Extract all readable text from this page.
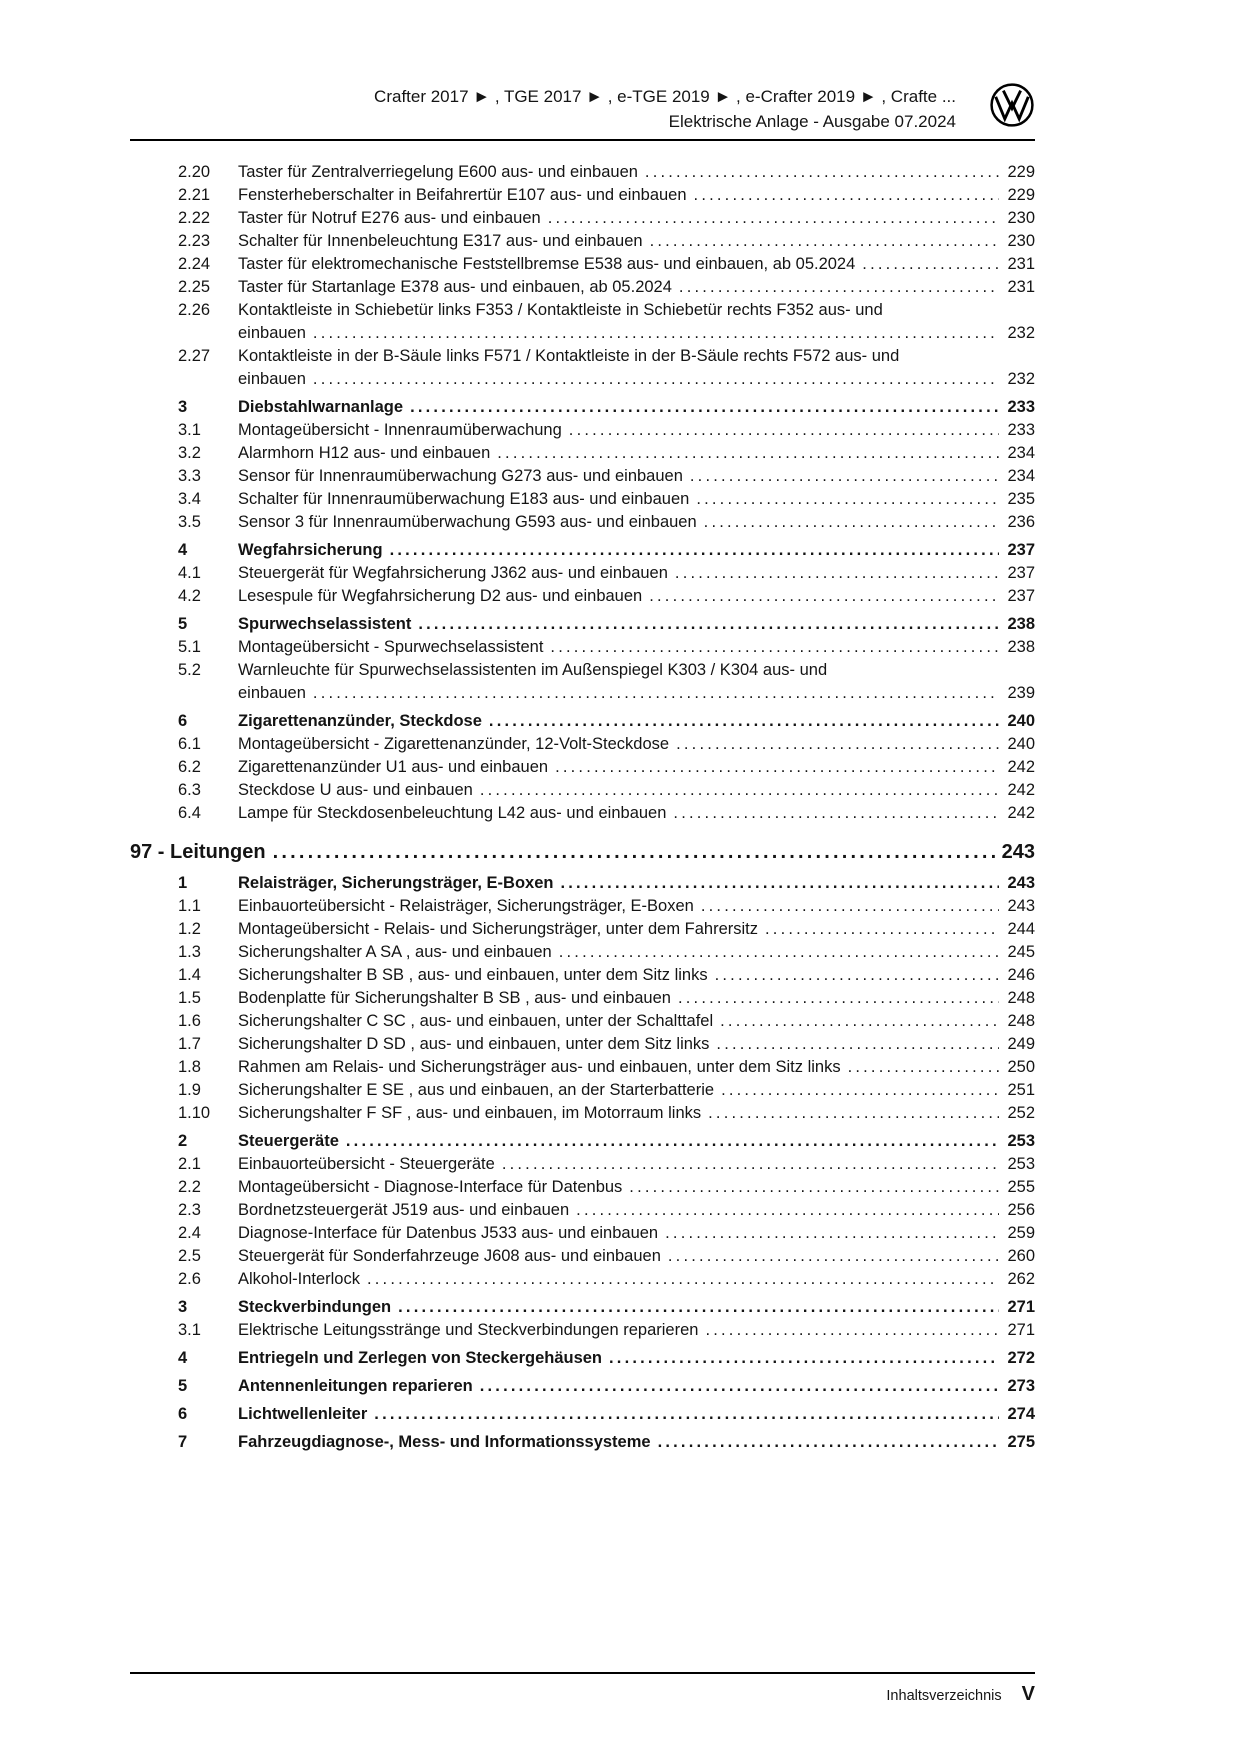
Crafter 2017 ► , TGE 2017 ► , e-TGE 2019 ► , e-Crafter 2019 ► , Crafte ...
Elektrische Anlage - Ausgabe 07.2024
2.20	Taster für Zentralverriegelung E600 aus- und einbauen .....	229
2.21	Fensterheberschalter in Beifahrertür E107 aus- und einbauen .....	229
2.22	Taster für Notruf E276 aus- und einbauen .....	230
2.23	Schalter für Innenbeleuchtung E317 aus- und einbauen .....	230
2.24	Taster für elektromechanische Feststellbremse E538 aus- und einbauen, ab 05.2024 .....	231
2.25	Taster für Startanlage E378 aus- und einbauen, ab 05.2024 .....	231
2.26	Kontaktleiste in Schiebetür links F353 / Kontaktleiste in Schiebetür rechts F352 aus- und
einbauen .....	232
2.27	Kontaktleiste in der B-Säule links F571 / Kontaktleiste in der B-Säule rechts F572 aus- und
einbauen .....	232
3	Diebstahlwarnanlage .....	233
3.1	Montageübersicht - Innenraumüberwachung .....	233
3.2	Alarmhorn H12 aus- und einbauen .....	234
3.3	Sensor für Innenraumüberwachung G273 aus- und einbauen .....	234
3.4	Schalter für Innenraumüberwachung E183 aus- und einbauen .....	235
3.5	Sensor 3 für Innenraumüberwachung G593 aus- und einbauen .....	236
4	Wegfahrsicherung .....	237
4.1	Steuergerät für Wegfahrsicherung J362 aus- und einbauen .....	237
4.2	Lesespule für Wegfahrsicherung D2 aus- und einbauen .....	237
5	Spurwechselassistent .....	238
5.1	Montageübersicht - Spurwechselassistent .....	238
5.2	Warnleuchte für Spurwechselassistenten im Außenspiegel K303 / K304 aus- und
einbauen .....	239
6	Zigarettenanzünder, Steckdose .....	240
6.1	Montageübersicht - Zigarettenanzünder, 12-Volt-Steckdose .....	240
6.2	Zigarettenanzünder U1 aus- und einbauen .....	242
6.3	Steckdose U aus- und einbauen .....	242
6.4	Lampe für Steckdosenbeleuchtung L42 aus- und einbauen .....	242
97 - Leitungen .....	243
1	Relaisträger, Sicherungsträger, E-Boxen .....	243
1.1	Einbauorteübersicht - Relaisträger, Sicherungsträger, E-Boxen .....	243
1.2	Montageübersicht - Relais- und Sicherungsträger, unter dem Fahrersitz .....	244
1.3	Sicherungshalter A SA , aus- und einbauen .....	245
1.4	Sicherungshalter B SB , aus- und einbauen, unter dem Sitz links .....	246
1.5	Bodenplatte für Sicherungshalter B SB , aus- und einbauen .....	248
1.6	Sicherungshalter C SC , aus- und einbauen, unter der Schalttafel .....	248
1.7	Sicherungshalter D SD , aus- und einbauen, unter dem Sitz links .....	249
1.8	Rahmen am Relais- und Sicherungsträger aus- und einbauen, unter dem Sitz links .....	250
1.9	Sicherungshalter E SE , aus und einbauen, an der Starterbatterie .....	251
1.10	Sicherungshalter F SF , aus- und einbauen, im Motorraum links .....	252
2	Steuergeräte .....	253
2.1	Einbauorteübersicht - Steuergeräte .....	253
2.2	Montageübersicht - Diagnose-Interface für Datenbus .....	255
2.3	Bordnetzsteuergerät J519 aus- und einbauen .....	256
2.4	Diagnose-Interface für Datenbus J533 aus- und einbauen .....	259
2.5	Steuergerät für Sonderfahrzeuge J608 aus- und einbauen .....	260
2.6	Alkohol-Interlock .....	262
3	Steckverbindungen .....	271
3.1	Elektrische Leitungsstränge und Steckverbindungen reparieren .....	271
4	Entriegeln und Zerlegen von Steckergehäusen .....	272
5	Antennenleitungen reparieren .....	273
6	Lichtwellenleiter .....	274
7	Fahrzeugdiagnose-, Mess- und Informationssysteme .....	275
Inhaltsverzeichnis V
